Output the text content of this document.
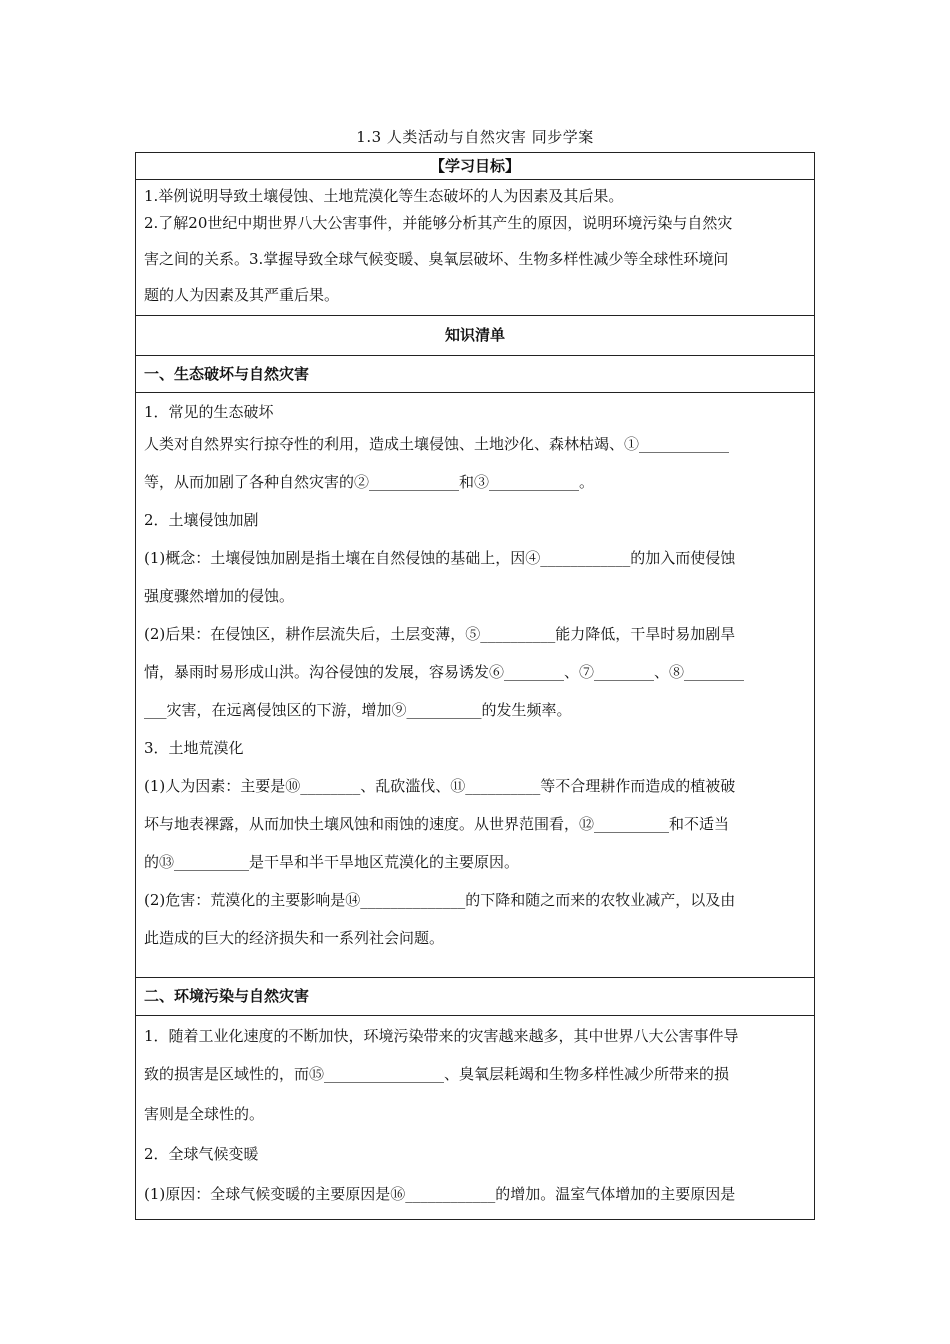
1.3 人类活动与自然灾害 同步学案
【学习目标】
1.举例说明导致土壤侵蚀、土地荒漠化等生态破坏的人为因素及其后果。
2.了解20世纪中期世界八大公害事件，并能够分析其产生的原因，说明环境污染与自然灾
害之间的关系。3.掌握导致全球气候变暖、臭氧层破坏、生物多样性减少等全球性环境问
题的人为因素及其严重后果。
知识清单
一、生态破坏与自然灾害
1．常见的生态破坏
人类对自然界实行掠夺性的利用，造成土壤侵蚀、土地沙化、森林枯竭、①____________
等，从而加剧了各种自然灾害的②____________和③____________。
2．土壤侵蚀加剧
(1)概念：土壤侵蚀加剧是指土壤在自然侵蚀的基础上，因④____________的加入而使侵蚀
强度骤然增加的侵蚀。
(2)后果：在侵蚀区，耕作层流失后，土层变薄，⑤__________能力降低，干旱时易加剧旱
情，暴雨时易形成山洪。沟谷侵蚀的发展，容易诱发⑥________、⑦________、⑧________
___灾害，在远离侵蚀区的下游，增加⑨__________的发生频率。
3．土地荒漠化
(1)人为因素：主要是⑩________、乱砍滥伐、⑪__________等不合理耕作而造成的植被破
坏与地表裸露，从而加快土壤风蚀和雨蚀的速度。从世界范围看，⑫__________和不适当
的⑬__________是干旱和半干旱地区荒漠化的主要原因。
(2)危害：荒漠化的主要影响是⑭______________的下降和随之而来的农牧业减产，以及由
此造成的巨大的经济损失和一系列社会问题。
二、环境污染与自然灾害
1．随着工业化速度的不断加快，环境污染带来的灾害越来越多，其中世界八大公害事件导
致的损害是区域性的，而⑮________________、臭氧层耗竭和生物多样性减少所带来的损
害则是全球性的。
2．全球气候变暖
(1)原因：全球气候变暖的主要原因是⑯____________的增加。温室气体增加的主要原因是
